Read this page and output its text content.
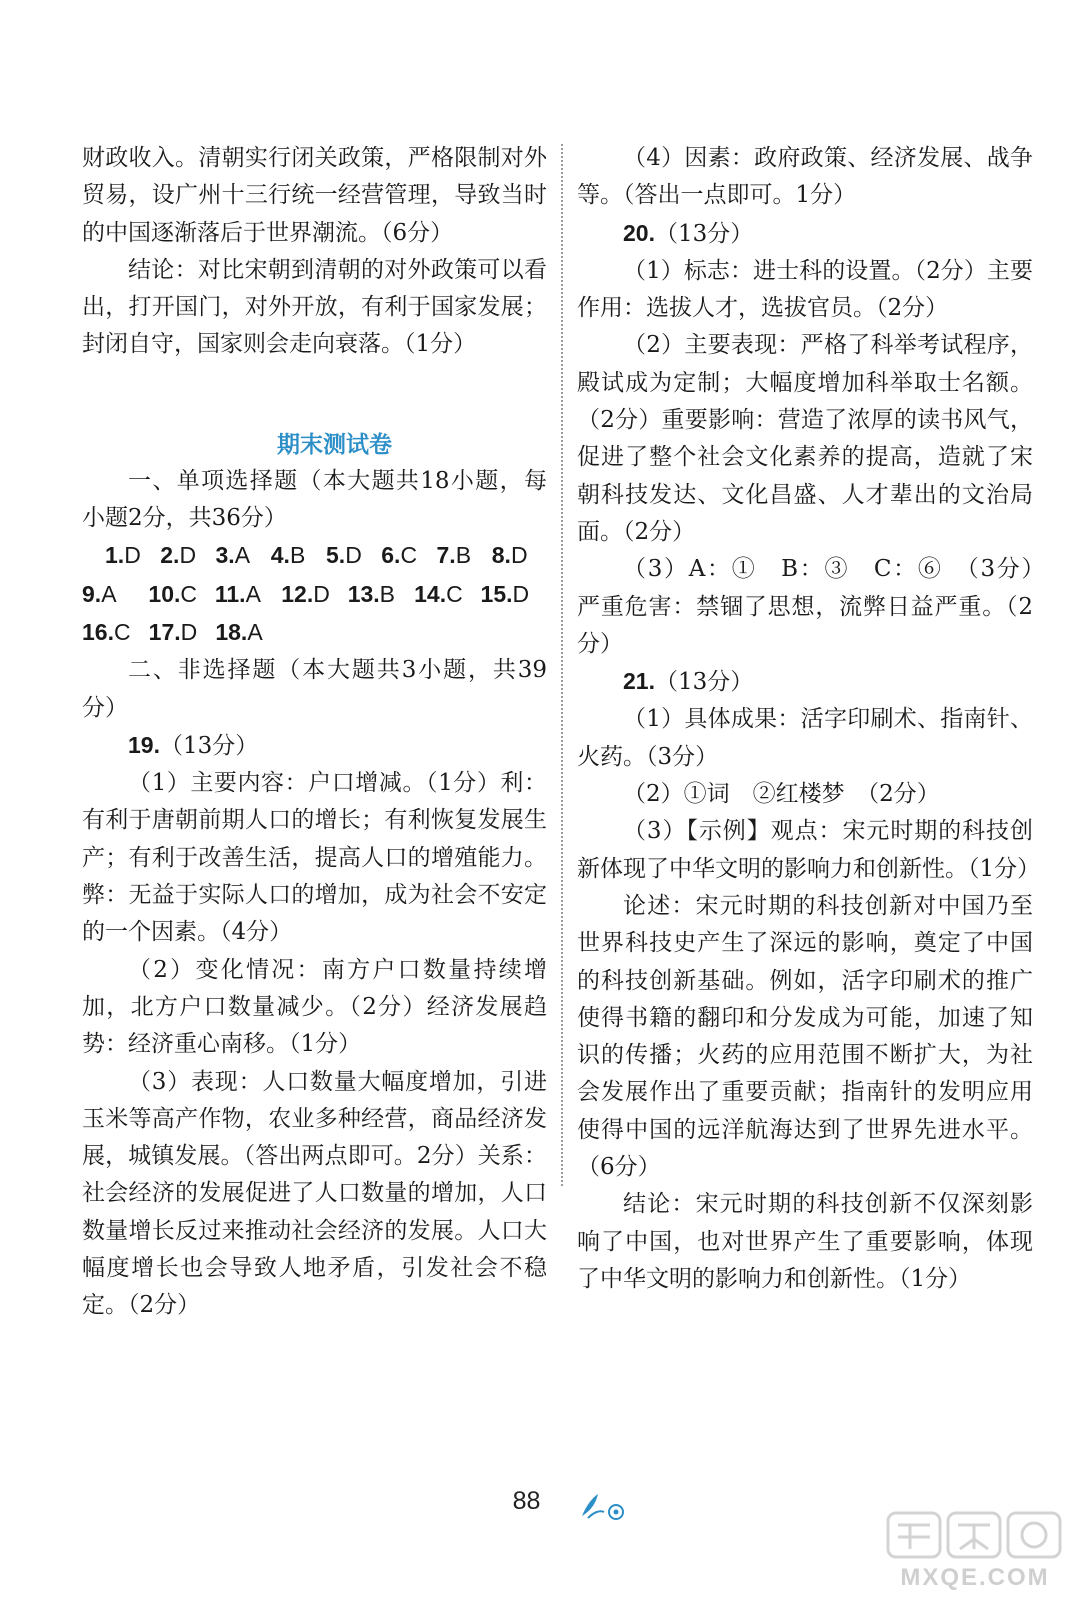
财政收入。清朝实行闭关政策，严格限制对外贸易，设广州十三行统一经营管理，导致当时的中国逐渐落后于世界潮流。（6分）

结论：对比宋朝到清朝的对外政策可以看出，打开国门，对外开放，有利于国家发展；封闭自守，国家则会走向衰落。（1分）

期末测试卷

一、单项选择题（本大题共18小题，每小题2分，共36分）

1.D 2.D 3.A 4.B 5.D 6.C 7.B 8.D
9.A	10.C 11.A 12.D 13.B 14.C 15.D
16.C 17.D 18.A

二、非选择题（本大题共3小题，共39分）

19.（13分）

（1）主要内容：户口增减。（1分）利：有利于唐朝前期人口的增长；有利恢复发展生产；有利于改善生活，提高人口的增殖能力。弊：无益于实际人口的增加，成为社会不安定的一个因素。（4分）

（2）变化情况：南方户口数量持续增加，北方户口数量减少。（2分）经济发展趋势：经济重心南移。（1分）

（3）表现：人口数量大幅度增加，引进玉米等高产作物，农业多种经营，商品经济发展，城镇发展。（答出两点即可。2分）关系：社会经济的发展促进了人口数量的增加，人口数量增长反过来推动社会经济的发展。人口大幅度增长也会导致人地矛盾，引发社会不稳定。（2分）

（4）因素：政府政策、经济发展、战争等。（答出一点即可。1分）

20.（13分）

（1）标志：进士科的设置。（2分）主要作用：选拔人才，选拔官员。（2分）

（2）主要表现：严格了科举考试程序，殿试成为定制；大幅度增加科举取士名额。（2分）重要影响：营造了浓厚的读书风气，促进了整个社会文化素养的提高，造就了宋朝科技发达、文化昌盛、人才辈出的文治局面。（2分）

（3）A：①　B：③　C：⑥　（3分）　严重危害：禁锢了思想，流弊日益严重。（2分）

21.（13分）

（1）具体成果：活字印刷术、指南针、火药。（3分）

（2）①词　②红楼梦　（2分）

（3）【示例】观点：宋元时期的科技创新体现了中华文明的影响力和创新性。（1分）

论述：宋元时期的科技创新对中国乃至世界科技史产生了深远的影响，奠定了中国的科技创新基础。例如，活字印刷术的推广使得书籍的翻印和分发成为可能，加速了知识的传播；火药的应用范围不断扩大，为社会发展作出了重要贡献；指南针的发明应用使得中国的远洋航海达到了世界先进水平。（6分）

结论：宋元时期的科技创新不仅深刻影响了中国，也对世界产生了重要影响，体现了中华文明的影响力和创新性。（1分）

88
MXQE.COM
